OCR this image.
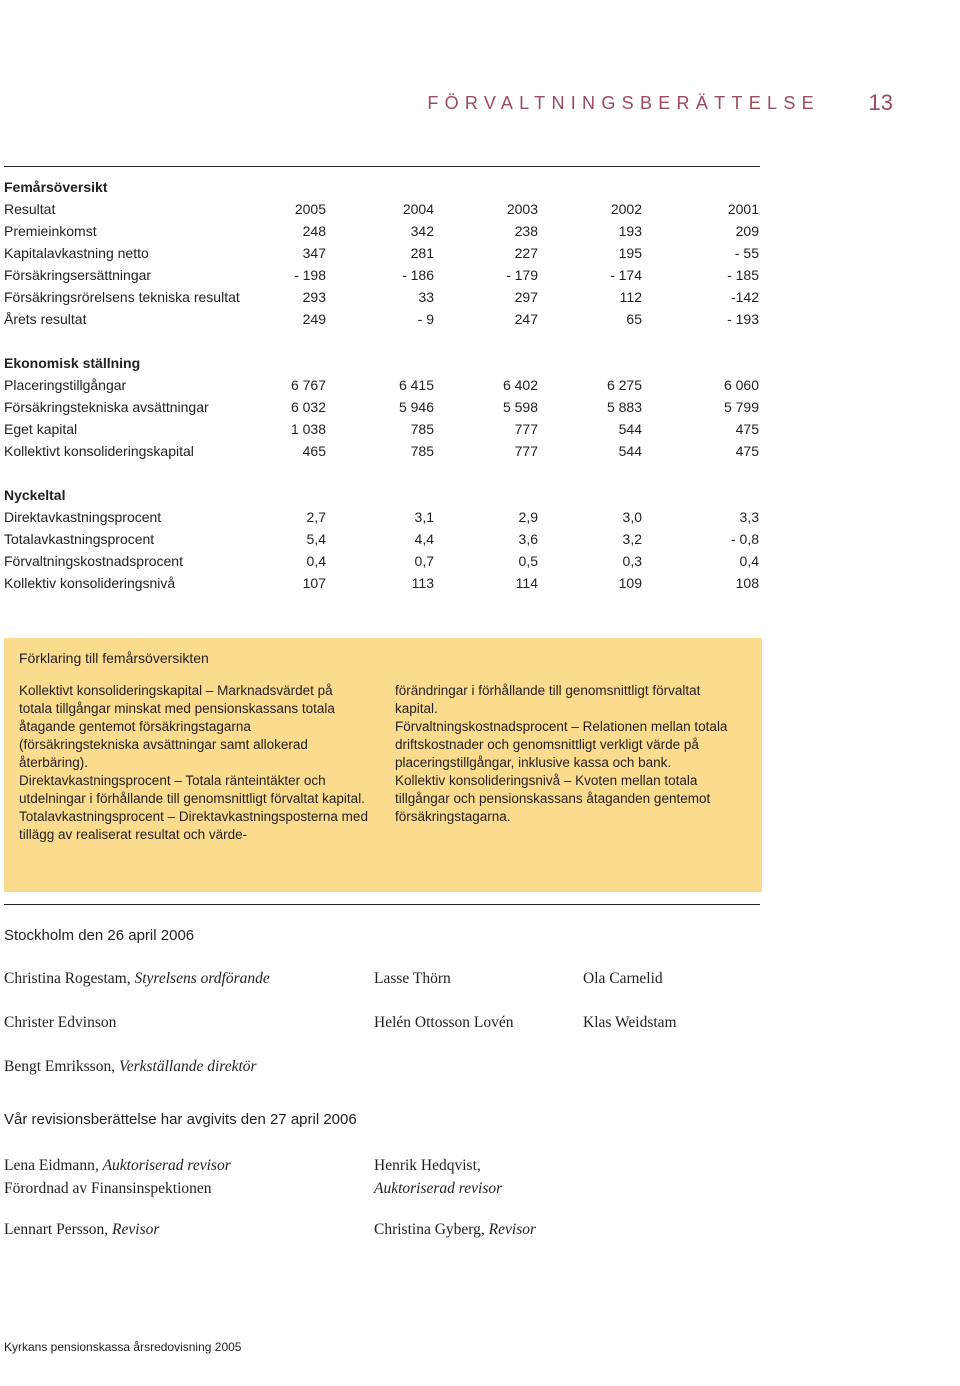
FÖRVALTNINGSBERÄTTELSE 13
Femårsöversikt
Resultat	2005	2004	2003	2002	2001
Premieinkomst	248	342	238	193	209
Kapitalavkastning netto	347	281	227	195	- 55
Försäkringsersättningar	- 198	- 186	- 179	- 174	- 185
Försäkringsrörelsens tekniska resultat	293	33	297	112	-142
Årets resultat	249	- 9	247	65	- 193
Ekonomisk ställning
Placeringstillgångar	6 767	6 415	6 402	6 275	6 060
Försäkringstekniska avsättningar	6 032	5 946	5 598	5 883	5 799
Eget kapital	1 038	785	777	544	475
Kollektivt konsolideringskapital	465	785	777	544	475
Nyckeltal
Direktavkastningsprocent	2,7	3,1	2,9	3,0	3,3
Totalavkastningsprocent	5,4	4,4	3,6	3,2	- 0,8
Förvaltningskostnadsprocent	0,4	0,7	0,5	0,3	0,4
Kollektiv konsolideringsnivå	107	113	114	109	108
Förklaring till femårsöversikten

Kollektivt konsolideringskapital – Marknadsvärdet på totala tillgångar minskat med pensionskassans totala åtagande gentemot försäkringstagarna (försäkringstekniska avsättningar samt allokerad återbäring).

Direktavkastningsprocent – Totala ränteintäkter och utdelningar i förhållande till genomsnittligt förvaltat kapital.

Totalavkastningsprocent – Direktavkastningsposterna med tillägg av realiserat resultat och värde-

förändringar i förhållande till genomsnittligt förvaltat kapital.

Förvaltningskostnadsprocent – Relationen mellan totala driftskostnader och genomsnittligt verkligt värde på placeringstillgångar, inklusive kassa och bank.

Kollektiv konsolideringsnivå – Kvoten mellan totala tillgångar och pensionskassans åtaganden gentemot försäkringstagarna.

Stockholm den 26 april 2006
Christina Rogestam, Styrelsens ordförande	Lasse Thörn	Ola Carnelid
Christer Edvinson	Helén Ottosson Lovén	Klas Weidstam
Bengt Emriksson, Verkställande direktör
Vår revisionsberättelse har avgivits den 27 april 2006
Lena Eidmann, Auktoriserad revisor
Förordnad av Finansinspektionen
Henrik Hedqvist,
Auktoriserad revisor
Lennart Persson, Revisor	Christina Gyberg, Revisor
Kyrkans pensionskassa årsredovisning 2005
